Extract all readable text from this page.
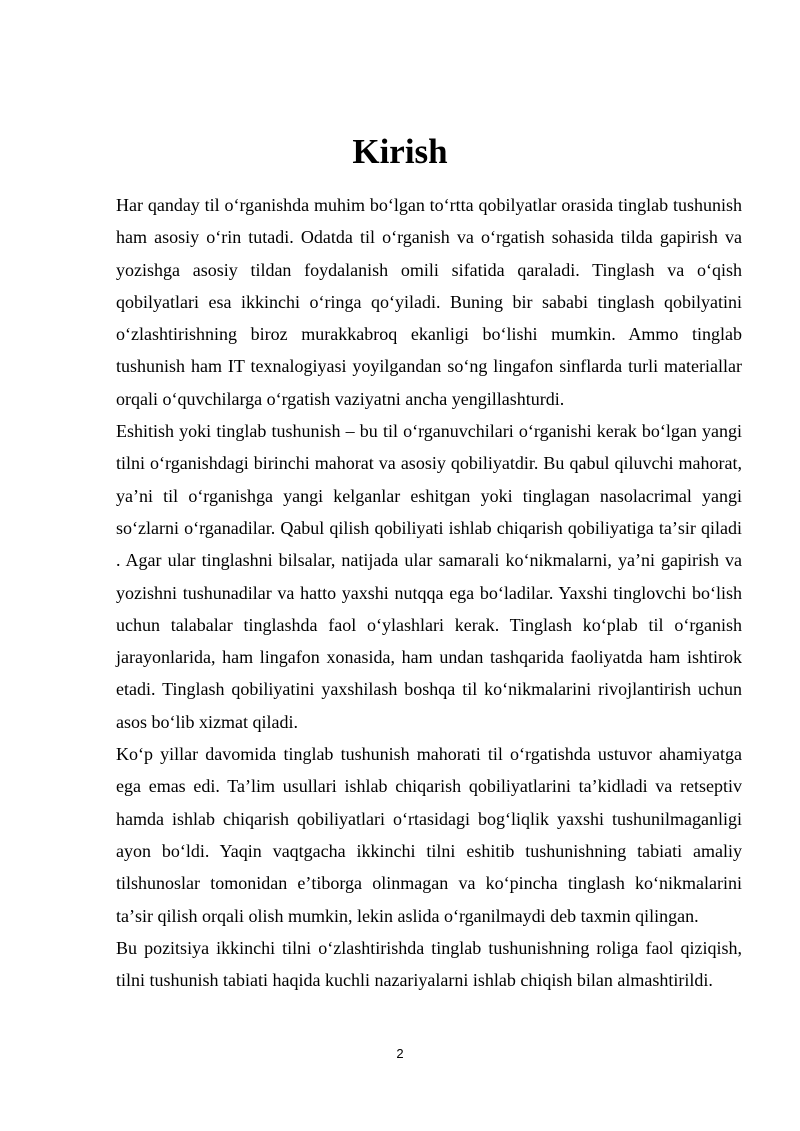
Kirish

Har qanday til oʻrganishda muhim boʻlgan toʻrtta qobilyatlar orasida tinglab tushunish ham asosiy oʻrin tutadi. Odatda til oʻrganish va oʻrgatish sohasida tilda gapirish va yozishga asosiy tildan foydalanish omili sifatida qaraladi. Tinglash va oʻqish qobilyatlari esa ikkinchi oʻringa qoʻyiladi. Buning bir sababi tinglash qobilyatini oʻzlashtirishning biroz murakkabroq ekanligi boʻlishi mumkin. Ammo tinglab tushunish ham IT texnalogiyasi yoyilgandan soʻng lingafon sinflarda turli materiallar orqali oʻquvchilarga oʻrgatish vaziyatni ancha yengillashturdi.

Eshitish yoki tinglab tushunish – bu til oʻrganuvchilari oʻrganishi kerak boʻlgan yangi tilni oʻrganishdagi birinchi mahorat va asosiy qobiliyatdir. Bu qabul qiluvchi mahorat, yaʼni til oʻrganishga yangi kelganlar eshitgan yoki tinglagan nasolacrimal yangi soʻzlarni oʻrganadilar. Qabul qilish qobiliyati ishlab chiqarish qobiliyatiga taʼsir qiladi . Agar ular tinglashni bilsalar, natijada ular samarali koʻnikmalarni, yaʼni gapirish va yozishni tushunadilar va hatto yaxshi nutqqa ega boʻladilar. Yaxshi tinglovchi boʻlish uchun talabalar tinglashda faol oʻylashlari kerak. Tinglash koʻplab til oʻrganish jarayonlarida, ham lingafon xonasida, ham undan tashqarida faoliyatda ham ishtirok etadi. Tinglash qobiliyatini yaxshilash boshqa til koʻnikmalarini rivojlantirish uchun asos boʻlib xizmat qiladi.

Koʻp yillar davomida tinglab tushunish mahorati til oʻrgatishda ustuvor ahamiyatga ega emas edi. Taʼlim usullari ishlab chiqarish qobiliyatlarini taʼkidladi va retseptiv hamda ishlab chiqarish qobiliyatlari oʻrtasidagi bogʻliqlik yaxshi tushunilmaganligi ayon boʻldi. Yaqin vaqtgacha ikkinchi tilni eshitib tushunishning tabiati amaliy tilshunoslar tomonidan eʼtiborga olinmagan va koʻpincha tinglash koʻnikmalarini taʼsir qilish orqali olish mumkin, lekin aslida oʻrganilmaydi deb taxmin qilingan.

Bu pozitsiya ikkinchi tilni oʻzlashtirishda tinglab tushunishning roliga faol qiziqish, tilni tushunish tabiati haqida kuchli nazariyalarni ishlab chiqish bilan almashtirildi.

2
